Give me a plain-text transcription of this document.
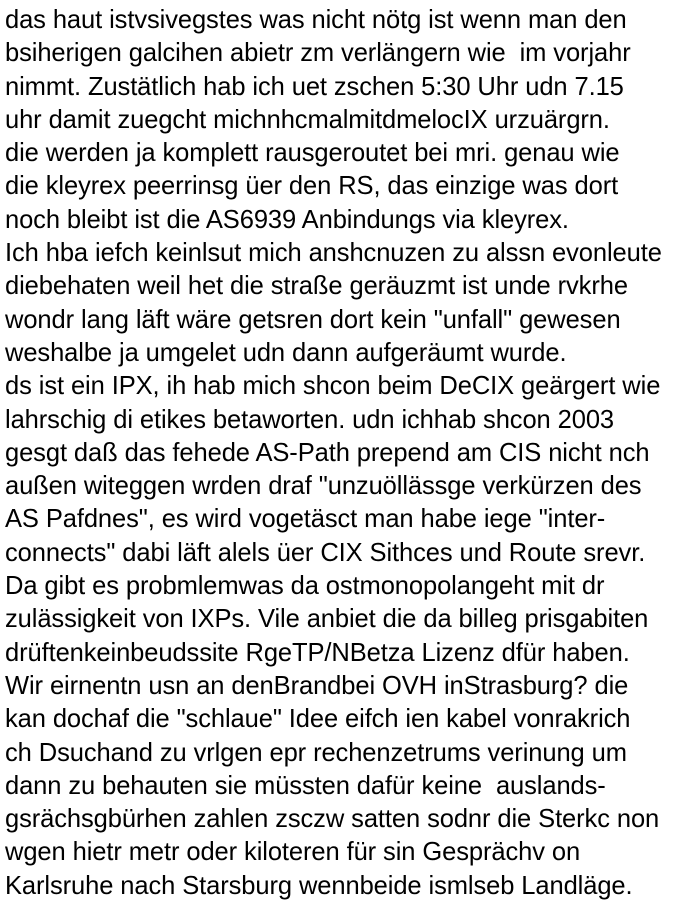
das haut istvsivegstes was nicht nötg ist wenn man den
bsiherigen galcihen abietr zm verlängern wie  im vorjahr
nimmt. Zustätlich hab ich uet zschen 5:30 Uhr udn 7.15
uhr damit zuegcht michnhcmalmitdmelocIX urzuärgrn.
die werden ja komplett rausgeroutet bei mri. genau wie
die kleyrex peerrinsg üer den RS, das einzige was dort
noch bleibt ist die AS6939 Anbindungs via kleyrex.
Ich hba iefch keinlsut mich anshcnuzen zu alssn evonleute
diebehaten weil het die straße geräuzmt ist unde rvkrhe
wondr lang läft wäre getsren dort kein "unfall" gewesen
weshalbe ja umgelet udn dann aufgeräumt wurde.
ds ist ein IPX, ih hab mich shcon beim DeCIX geärgert wie
lahrschig di etikes betaworten. udn ichhab shcon 2003
gesgt daß das fehede AS-Path prepend am CIS nicht nch
außen witeggen wrden draf "unzuöllässge verkürzen des
AS Pafdnes", es wird vogetäsct man habe iege "inter-
connects" dabi läft alels üer CIX Sithces und Route srevr.
Da gibt es probmlemwas da ostmonopolangeht mit dr
zulässigkeit von IXPs. Vile anbiet die da billeg prisgabiten
drüftenkeinbeudssite RgeTP/NBetza Lizenz dfür haben.
Wir eirnentn usn an denBrandbei OVH inStrasburg? die
kan dochaf die "schlaue" Idee eifch ien kabel vonrakrich
ch Dsuchand zu vrlgen epr rechenzetrums verinung um
dann zu behauten sie müssten dafür keine  auslands-
gsrächsgbürhen zahlen zsczw satten sodnr die Sterkc non
wgen hietr metr oder kiloteren für sin Gesprächv on
Karlsruhe nach Starsburg wennbeide ismlseb Landläge.
